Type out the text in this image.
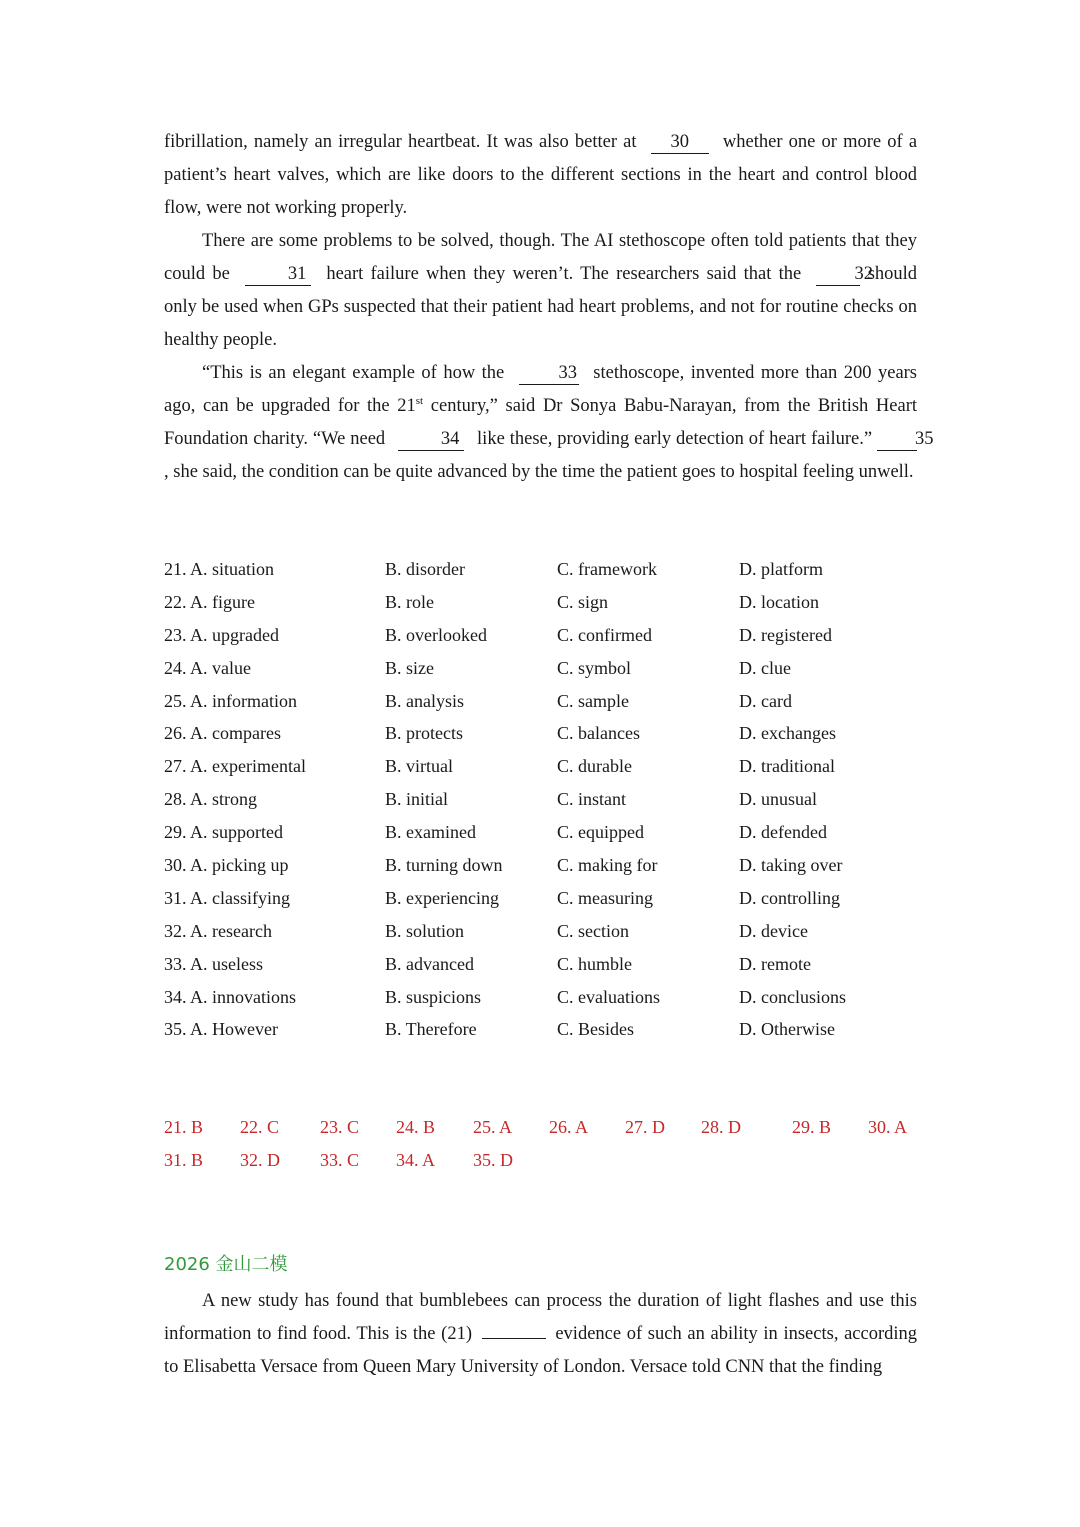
fibrillation, namely an irregular heartbeat. It was also better at 30 whether one or more of a patient’s heart valves, which are like doors to the different sections in the heart and control blood flow, were not working properly.

There are some problems to be solved, though. The AI stethoscope often told patients that they could be	31 heart failure when they weren’t. The researchers said that the	32 should only be used when GPs suspected that their patient had heart problems, and not for routine checks on healthy people.

“This is an elegant example of how the	33 stethoscope, invented more than 200 years ago, can be upgraded for the 21st century,” said Dr Sonya Babu-Narayan, from the British Heart Foundation charity. “We need	34 like these, providing early detection of heart failure.” 35, she said, the condition can be quite advanced by the time the patient goes to hospital feeling unwell.

21. A. situation	B. disorder	C. framework	D. platform
22. A. figure	B. role	C. sign	D. location
23. A. upgraded	B. overlooked	C. confirmed	D. registered
24. A. value	B. size	C. symbol	D. clue
25. A. information	B. analysis	C. sample	D. card
26. A. compares	B. protects	C. balances	D. exchanges
27. A. experimental	B. virtual	C. durable	D. traditional
28. A. strong	B. initial	C. instant	D. unusual
29. A. supported	B. examined	C. equipped	D. defended
30. A. picking up	B. turning down	C. making for	D. taking over
31. A. classifying	B. experiencing	C. measuring	D. controlling
32. A. research	B. solution	C. section	D. device
33. A. useless	B. advanced	C. humble	D. remote
34. A. innovations	B. suspicions	C. evaluations	D. conclusions
35. A. However	B. Therefore	C. Besides	D. Otherwise
21. B 22. C 23. C 24. B 25. A 26. A 27. D 28. D	29. B 30. A
31. B 32. D 33. C 34. A 35. D
2026 金山二模

A new study has found that bumblebees can process the duration of light flashes and use this information to find food. This is the (21)	evidence of such an ability in insects, according to Elisabetta Versace from Queen Mary University of London. Versace told CNN that the finding
